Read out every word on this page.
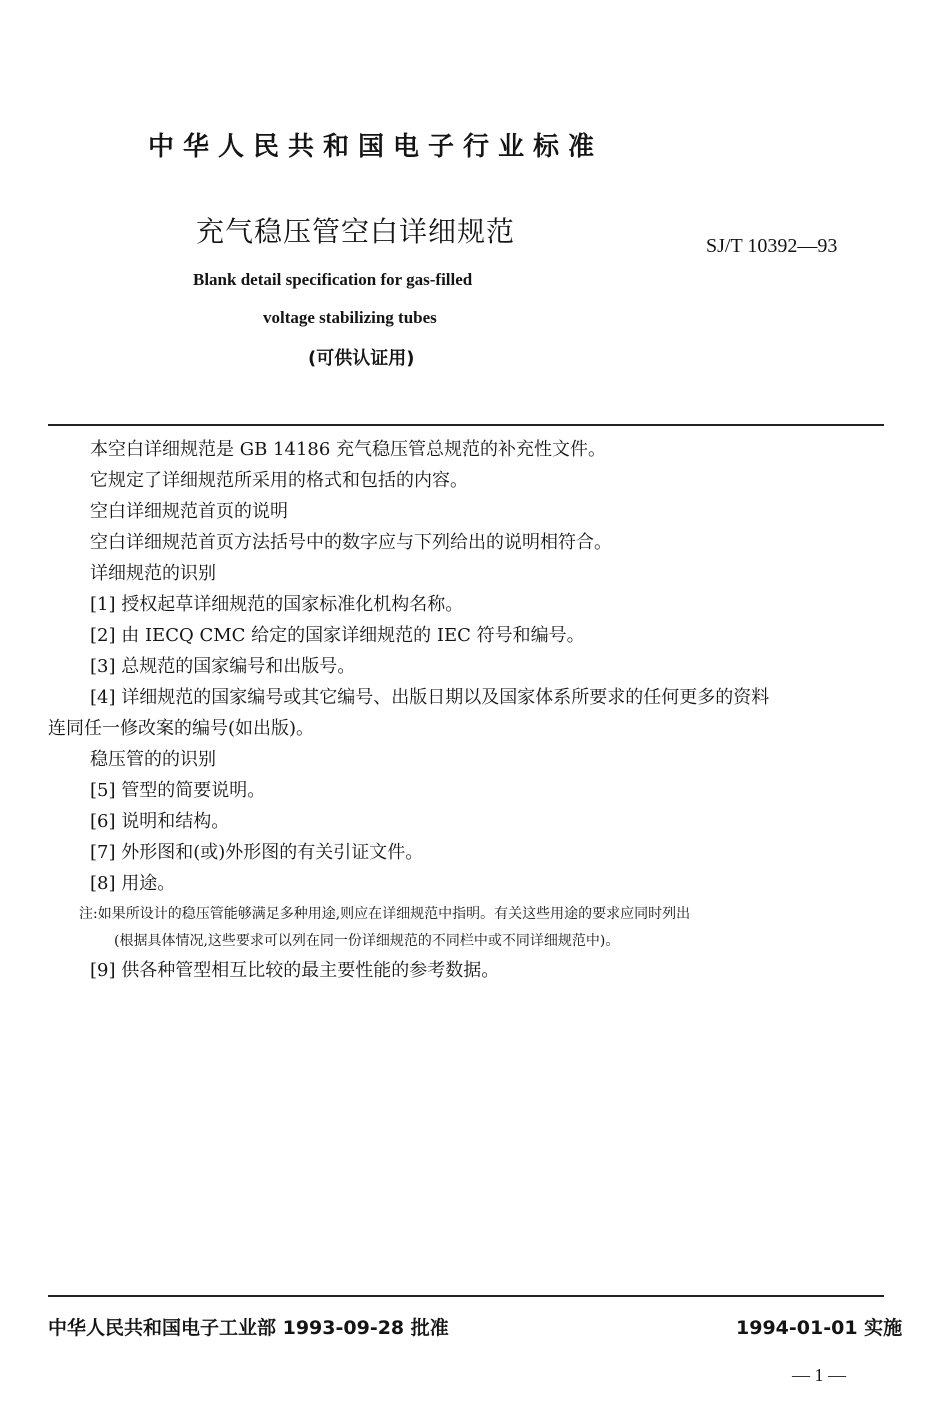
中华人民共和国电子行业标准
充气稳压管空白详细规范	SJ/T 10392—93
Blank detail specification for gas-filled
voltage stabilizing tubes
(可供认证用)
本空白详细规范是 GB 14186 充气稳压管总规范的补充性文件。
它规定了详细规范所采用的格式和包括的内容。
空白详细规范首页的说明
空白详细规范首页方法括号中的数字应与下列给出的说明相符合。
详细规范的识别
[1] 授权起草详细规范的国家标准化机构名称。
[2] 由 IECQ CMC 给定的国家详细规范的 IEC 符号和编号。
[3] 总规范的国家编号和出版号。
[4] 详细规范的国家编号或其它编号、出版日期以及国家体系所要求的任何更多的资料
连同任一修改案的编号(如出版)。
稳压管的的识别
[5] 管型的简要说明。
[6] 说明和结构。
[7] 外形图和(或)外形图的有关引证文件。
[8] 用途。
注:如果所设计的稳压管能够满足多种用途,则应在详细规范中指明。有关这些用途的要求应同时列出
(根据具体情况,这些要求可以列在同一份详细规范的不同栏中或不同详细规范中)。
[9] 供各种管型相互比较的最主要性能的参考数据。
中华人民共和国电子工业部 1993-09-28 批准	1994-01-01 实施
— 1 —
